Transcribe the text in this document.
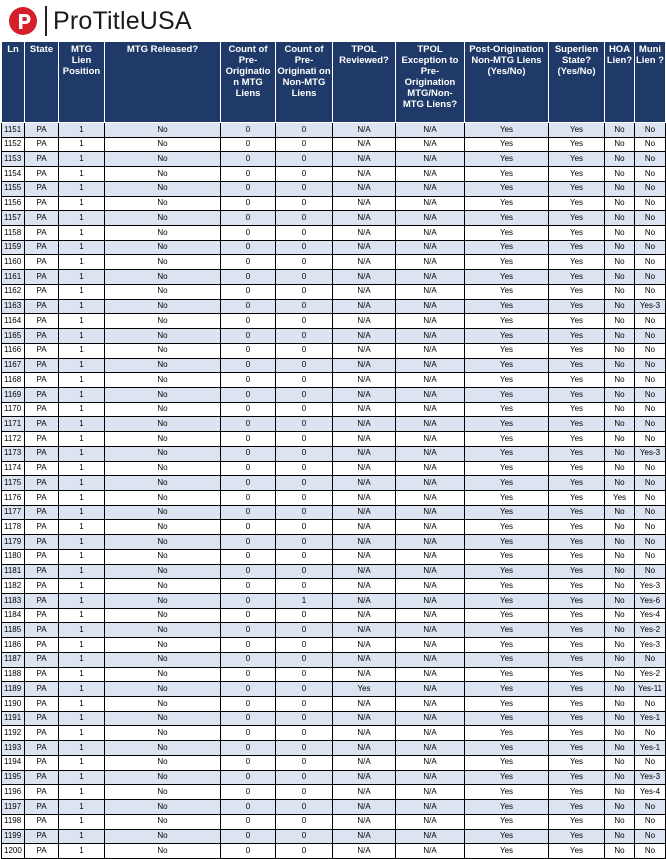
ProTitleUSA
Ln	State	MTG Lien Position	MTG Released?	Count of Pre-Originatio n MTG Liens	Count of Pre-Originati on Non-MTG Liens	TPOL Reviewed?	TPOL Exception to Pre-Origination MTG/Non-MTG Liens?	Post-Origination Non-MTG Liens (Yes/No)	Superlien State? (Yes/No)	HOA Lien?	Muni Lien ?
1151	PA	1	No	0	0	N/A	N/A	Yes	Yes	No	No
1152	PA	1	No	0	0	N/A	N/A	Yes	Yes	No	No
1153	PA	1	No	0	0	N/A	N/A	Yes	Yes	No	No
1154	PA	1	No	0	0	N/A	N/A	Yes	Yes	No	No
1155	PA	1	No	0	0	N/A	N/A	Yes	Yes	No	No
1156	PA	1	No	0	0	N/A	N/A	Yes	Yes	No	No
1157	PA	1	No	0	0	N/A	N/A	Yes	Yes	No	No
1158	PA	1	No	0	0	N/A	N/A	Yes	Yes	No	No
1159	PA	1	No	0	0	N/A	N/A	Yes	Yes	No	No
1160	PA	1	No	0	0	N/A	N/A	Yes	Yes	No	No
1161	PA	1	No	0	0	N/A	N/A	Yes	Yes	No	No
1162	PA	1	No	0	0	N/A	N/A	Yes	Yes	No	No
1163	PA	1	No	0	0	N/A	N/A	Yes	Yes	No	Yes-3
1164	PA	1	No	0	0	N/A	N/A	Yes	Yes	No	No
1165	PA	1	No	0	0	N/A	N/A	Yes	Yes	No	No
1166	PA	1	No	0	0	N/A	N/A	Yes	Yes	No	No
1167	PA	1	No	0	0	N/A	N/A	Yes	Yes	No	No
1168	PA	1	No	0	0	N/A	N/A	Yes	Yes	No	No
1169	PA	1	No	0	0	N/A	N/A	Yes	Yes	No	No
1170	PA	1	No	0	0	N/A	N/A	Yes	Yes	No	No
1171	PA	1	No	0	0	N/A	N/A	Yes	Yes	No	No
1172	PA	1	No	0	0	N/A	N/A	Yes	Yes	No	No
1173	PA	1	No	0	0	N/A	N/A	Yes	Yes	No	Yes-3
1174	PA	1	No	0	0	N/A	N/A	Yes	Yes	No	No
1175	PA	1	No	0	0	N/A	N/A	Yes	Yes	No	No
1176	PA	1	No	0	0	N/A	N/A	Yes	Yes	Yes	No
1177	PA	1	No	0	0	N/A	N/A	Yes	Yes	No	No
1178	PA	1	No	0	0	N/A	N/A	Yes	Yes	No	No
1179	PA	1	No	0	0	N/A	N/A	Yes	Yes	No	No
1180	PA	1	No	0	0	N/A	N/A	Yes	Yes	No	No
1181	PA	1	No	0	0	N/A	N/A	Yes	Yes	No	No
1182	PA	1	No	0	0	N/A	N/A	Yes	Yes	No	Yes-3
1183	PA	1	No	0	1	N/A	N/A	Yes	Yes	No	Yes-6
1184	PA	1	No	0	0	N/A	N/A	Yes	Yes	No	Yes-4
1185	PA	1	No	0	0	N/A	N/A	Yes	Yes	No	Yes-2
1186	PA	1	No	0	0	N/A	N/A	Yes	Yes	No	Yes-3
1187	PA	1	No	0	0	N/A	N/A	Yes	Yes	No	No
1188	PA	1	No	0	0	N/A	N/A	Yes	Yes	No	Yes-2
1189	PA	1	No	0	0	Yes	N/A	Yes	Yes	No	Yes-11
1190	PA	1	No	0	0	N/A	N/A	Yes	Yes	No	No
1191	PA	1	No	0	0	N/A	N/A	Yes	Yes	No	Yes-1
1192	PA	1	No	0	0	N/A	N/A	Yes	Yes	No	No
1193	PA	1	No	0	0	N/A	N/A	Yes	Yes	No	Yes-1
1194	PA	1	No	0	0	N/A	N/A	Yes	Yes	No	No
1195	PA	1	No	0	0	N/A	N/A	Yes	Yes	No	Yes-3
1196	PA	1	No	0	0	N/A	N/A	Yes	Yes	No	Yes-4
1197	PA	1	No	0	0	N/A	N/A	Yes	Yes	No	No
1198	PA	1	No	0	0	N/A	N/A	Yes	Yes	No	No
1199	PA	1	No	0	0	N/A	N/A	Yes	Yes	No	No
1200	PA	1	No	0	0	N/A	N/A	Yes	Yes	No	No
